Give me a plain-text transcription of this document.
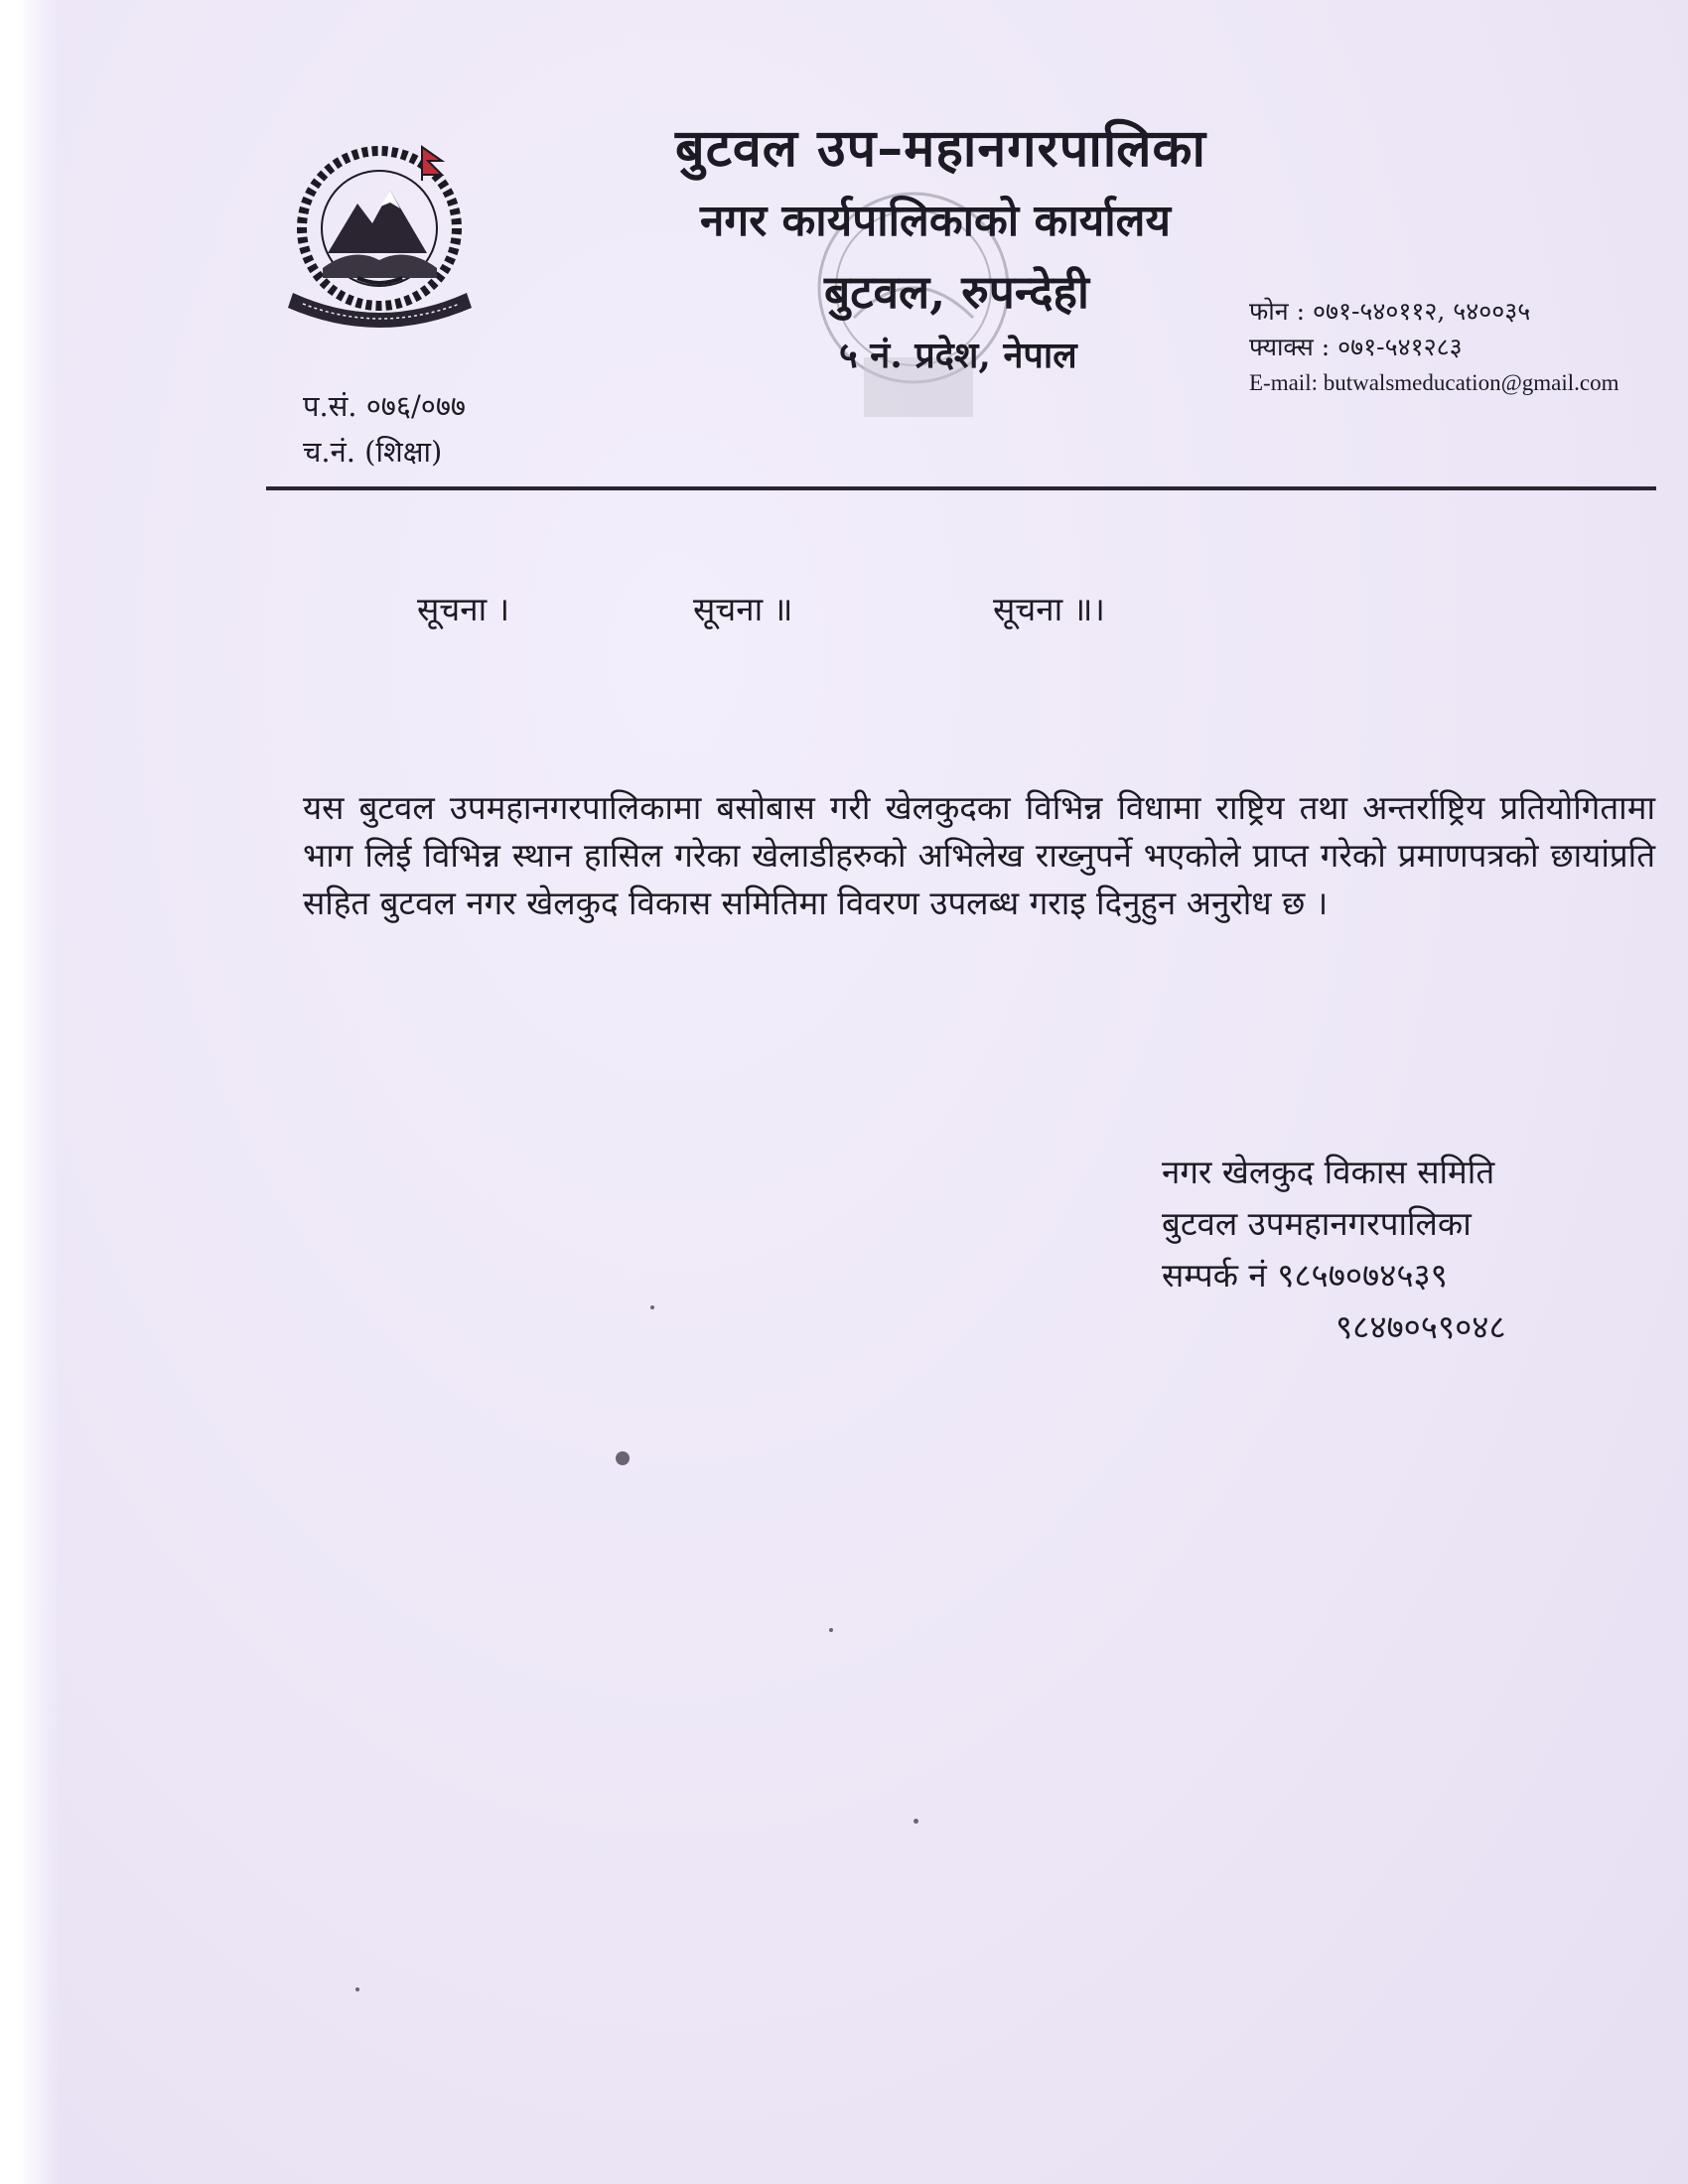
बुटवल उप–महानगरपालिका
नगर कार्यपालिकाको कार्यालय
बुटवल, रुपन्देही
५ नं. प्रदेश, नेपाल
फोन : ०७१-५४०११२, ५४००३५
फ्याक्स : ०७१-५४१२८३
E-mail: butwalsmeducation@gmail.com
प.सं. ०७६/०७७
च.नं. (शिक्षा)
सूचना ।	सूचना ॥	सूचना ॥।
यस बुटवल उपमहानगरपालिकामा बसोबास गरी खेलकुदका विभिन्न विधामा राष्ट्रिय तथा अन्तर्राष्ट्रिय प्रतियोगितामा भाग लिई विभिन्न स्थान हासिल गरेका खेलाडीहरुको अभिलेख राख्नुपर्ने भएकोले प्राप्त गरेको प्रमाणपत्रको छायांप्रति सहित बुटवल नगर खेलकुद विकास समितिमा विवरण उपलब्ध गराइ दिनुहुन अनुरोध छ ।
नगर खेलकुद विकास समिति
बुटवल उपमहानगरपालिका
सम्पर्क नं ९८५७०७४५३९
९८४७०५९०४८
